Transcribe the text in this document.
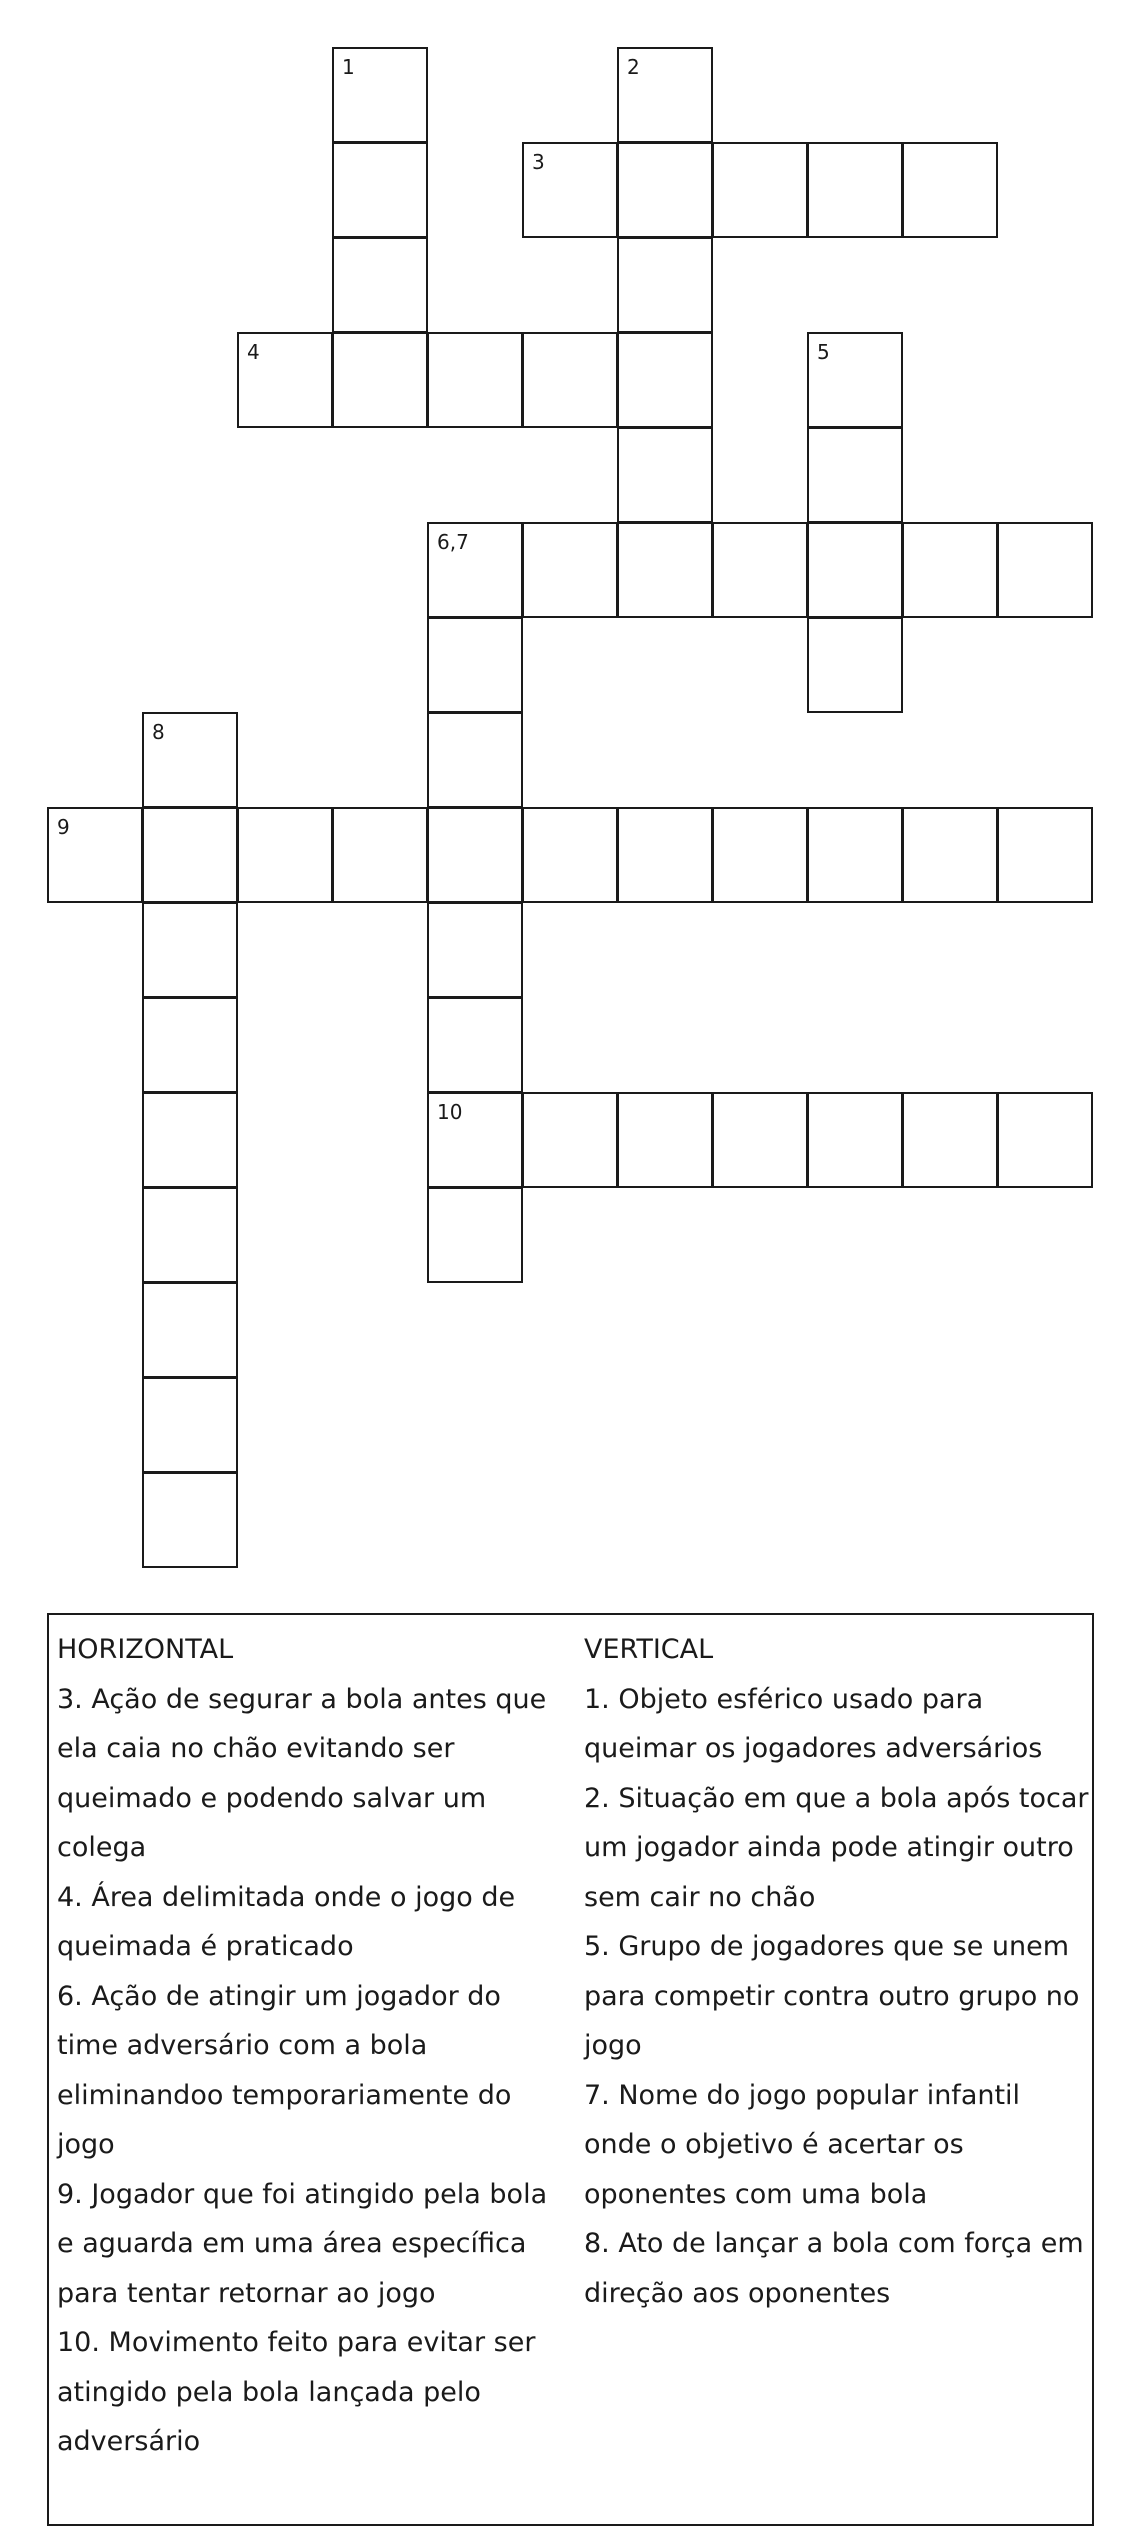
1	2
3
4	5
6,7
8
9
10
HORIZONTAL
3. Ação de segurar a bola antes que
ela caia no chão evitando ser
queimado e podendo salvar um
colega
4. Área delimitada onde o jogo de
queimada é praticado
6. Ação de atingir um jogador do
time adversário com a bola
eliminandoo temporariamente do
jogo
9. Jogador que foi atingido pela bola
e aguarda em uma área específica
para tentar retornar ao jogo
10. Movimento feito para evitar ser
atingido pela bola lançada pelo
adversário
VERTICAL
1. Objeto esférico usado para
queimar os jogadores adversários
2. Situação em que a bola após tocar
um jogador ainda pode atingir outro
sem cair no chão
5. Grupo de jogadores que se unem
para competir contra outro grupo no
jogo
7. Nome do jogo popular infantil
onde o objetivo é acertar os
oponentes com uma bola
8. Ato de lançar a bola com força em
direção aos oponentes
